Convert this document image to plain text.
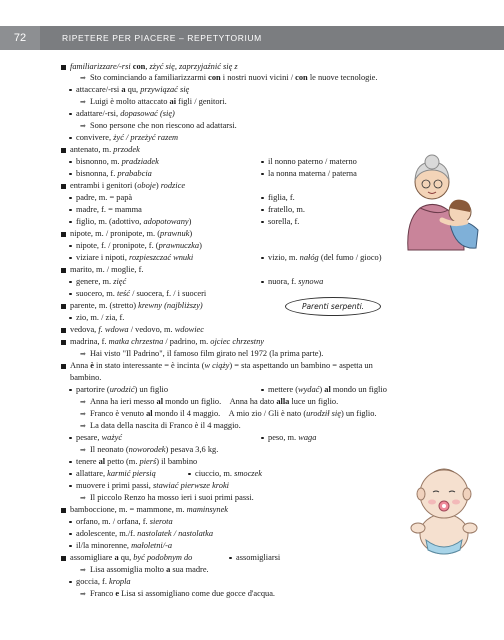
72	RIPETERE PER PIACERE – REPETYTORIUM
familiarizzare/-rsi con, zżyć się, zaprzyjaźnić się z
➡ Sto cominciando a familiarizzarmi con i nostri nuovi vicini / con le nuove tecnologie.
attaccare/-rsi a qu, przywiązać się
➡ Luigi è molto attaccato ai figli / genitori.
adattare/-rsi, dopasować (się)
➡ Sono persone che non riescono ad adattarsi.
convivere, żyć / przeżyć razem
antenato, m. przodek
bisnonno, m. pradziadek	il nonno paterno / materno
bisnonna, f. prababcia	la nonna materna / paterna
entrambi i genitori (oboje) rodzice
padre, m. = papà	figlia, f.
madre, f. = mamma	fratello, m.
figlio, m. (adottivo, adopotowany)	sorella, f.
nipote, m. / pronipote, m. (prawnuk)
nipote, f. / pronipote, f. (prawnuczka)
viziare i nipoti, rozpieszczać wnuki	vizio, m. nałóg (del fumo / gioco)
marito, m. / moglie, f.
genere, m. zięć	nuora, f. synowa
suocero, m. teść / suocera, f. / i suoceri
parente, m. (stretto) krewny (najbliższy)
zio, m. / zia, f.
vedova, f. wdowa / vedovo, m. wdowiec
madrina, f. matka chrzestna / padrino, m. ojciec chrzestny
➡ Hai visto "Il Padrino", il famoso film girato nel 1972 (la prima parte).
Anna è in stato interessante = è incinta (w ciąży) = sta aspettando un bambino = aspetta un
bambino.
partorire (urodzić) un figlio	mettere (wydać) al mondo un figlio
➡ Anna ha ieri messo al mondo un figlio.    Anna ha dato alla luce un figlio.
➡ Franco è venuto al mondo il 4 maggio.    A mio zio / Gli è nato (urodził się) un figlio.
➡ La data della nascita di Franco è il 4 maggio.
pesare, ważyć	peso, m. waga
➡ Il neonato (noworodek) pesava 3,6 kg.
tenere al petto (m. pierś) il bambino
allattare, karmić piersią	ciuccio, m. smoczek
muovere i primi passi, stawiać pierwsze kroki
➡ Il piccolo Renzo ha mosso ieri i suoi primi passi.
bamboccione, m. = mammone, m. maminsynek
orfano, m. / orfana, f. sierota
adolescente, m./f. nastolatek / nastolatka
il/la minorenne, małoletni/-a
assomigliare a qu, być podobnym do	assomigliarsi
➡ Lisa assomiglia molto a sua madre.
goccia, f. kropla
➡ Franco e Lisa si assomigliano come due gocce d'acqua.
Parenti serpenti.
